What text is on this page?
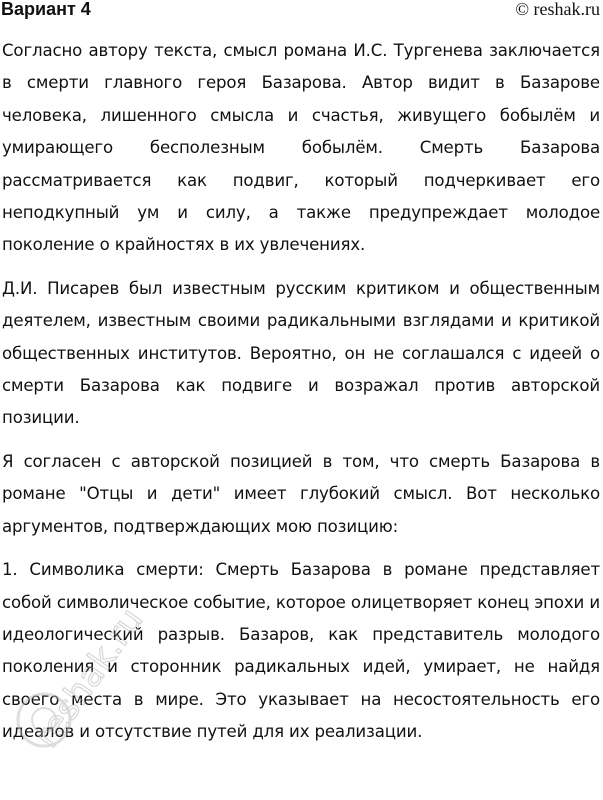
Вариант 4	© reshak.ru

Согласно автору текста, смысл романа И.С. Тургенева заключается в смерти главного героя Базарова. Автор видит в Базарове человека, лишенного смысла и счастья, живущего бобылём и умирающего бесполезным бобылём. Смерть Базарова рассматривается как подвиг, который подчеркивает его неподкупный ум и силу, а также предупреждает молодое поколение о крайностях в их увлечениях.

Д.И. Писарев был известным русским критиком и общественным деятелем, известным своими радикальными взглядами и критикой общественных институтов. Вероятно, он не соглашался с идеей о смерти Базарова как подвиге и возражал против авторской позиции.

Я согласен с авторской позицией в том, что смерть Базарова в романе "Отцы и дети" имеет глубокий смысл. Вот несколько аргументов, подтверждающих мою позицию:

1. Символика смерти: Смерть Базарова в романе представляет собой символическое событие, которое олицетворяет конец эпохи и идеологический разрыв. Базаров, как представитель молодого поколения и сторонник радикальных идей, умирает, не найдя своего места в мире. Это указывает на несостоятельность его идеалов и отсутствие путей для их реализации.

reshak.ru
